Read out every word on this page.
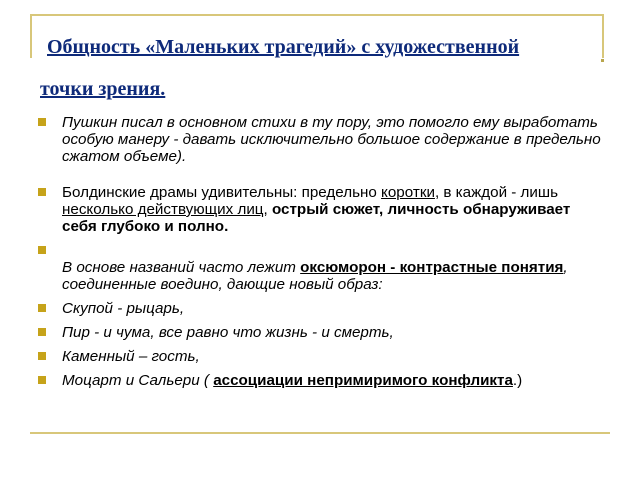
Общность «Маленьких трагедий» с художественной
точки зрения.
Пушкин писал в основном стихи в ту пору, это помогло ему выработать особую манеру - давать исключительно большое содержание в предельно сжатом объеме).
Болдинские драмы удивительны: предельно коротки, в каждой - лишь несколько действующих лиц, острый сюжет, личность обнаруживает себя глубоко и полно.
В основе названий часто лежит оксюморон - контрастные понятия, соединенные воедино, дающие новый образ:
Скупой - рыцарь,
Пир - и чума, все равно что жизнь - и смерть,
Каменный – гость,
Моцарт и Сальери ( ассоциации непримиримого конфликта.)
